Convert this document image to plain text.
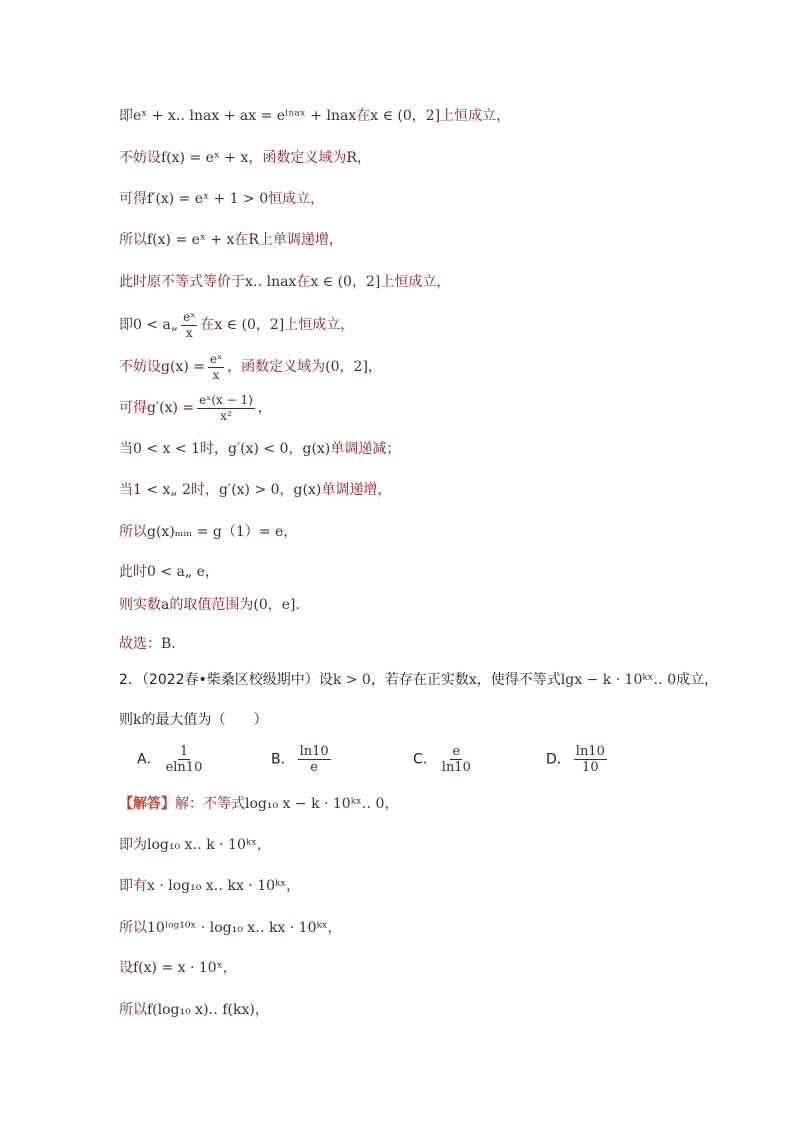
即eˣ + x‥ lnax + ax = eˡⁿᵃˣ + lnax在x ∈ (0，2]上恒成立，
不妨设f(x) = eˣ + x，函数定义域为R，
可得f′(x) = eˣ + 1 > 0恒成立，
所以f(x) = eˣ + x在R上单调递增，
此时原不等式等价于x‥ lnax在x ∈ (0，2]上恒成立，
即0 < a„ $\frac{\text{eˣ}}{x}$ 在x ∈ (0，2]上恒成立，
不妨设$g(x) = \frac{\text{eˣ}}{x}$ ，函数定义域为(0，2]，
可得$g'(x) = \frac{\text{eˣ(x − 1)}}{\text{x²}}$ ，
当0 < x < 1时，g′(x) < 0，g(x)单调递减；
当1 < x„ 2时，g′(x) > 0，g(x)单调递增，
所以g(x)ₘᵢₙ = g（1）= e，
此时0 < a„ e，
则实数a的取值范围为(0，e]．
故选：B．
2．（2022春•柴桑区校级期中）设k > 0，若存在正实数x，使得不等式lgx − k · 10ᵏˣ‥ 0成立，
则k的最大值为（　　）
A． $\frac{1}{eln10}$	B． $\frac{\ln 10}{e}$	C． $\frac{e}{\ln 10}$	D． $\frac{\ln 10}{10}$
【解答】解：不等式log₁₀ x − k · 10ᵏˣ‥ 0，
即为log₁₀ x‥ k · 10ᵏˣ，
即有x · log₁₀ x‥ kx · 10ᵏˣ，
所以10ˡᵒᵍ¹⁰ˣ · log₁₀ x‥ kx · 10ᵏˣ，
设f(x) = x · 10ˣ，
所以f(log₁₀ x)‥ f(kx)，
